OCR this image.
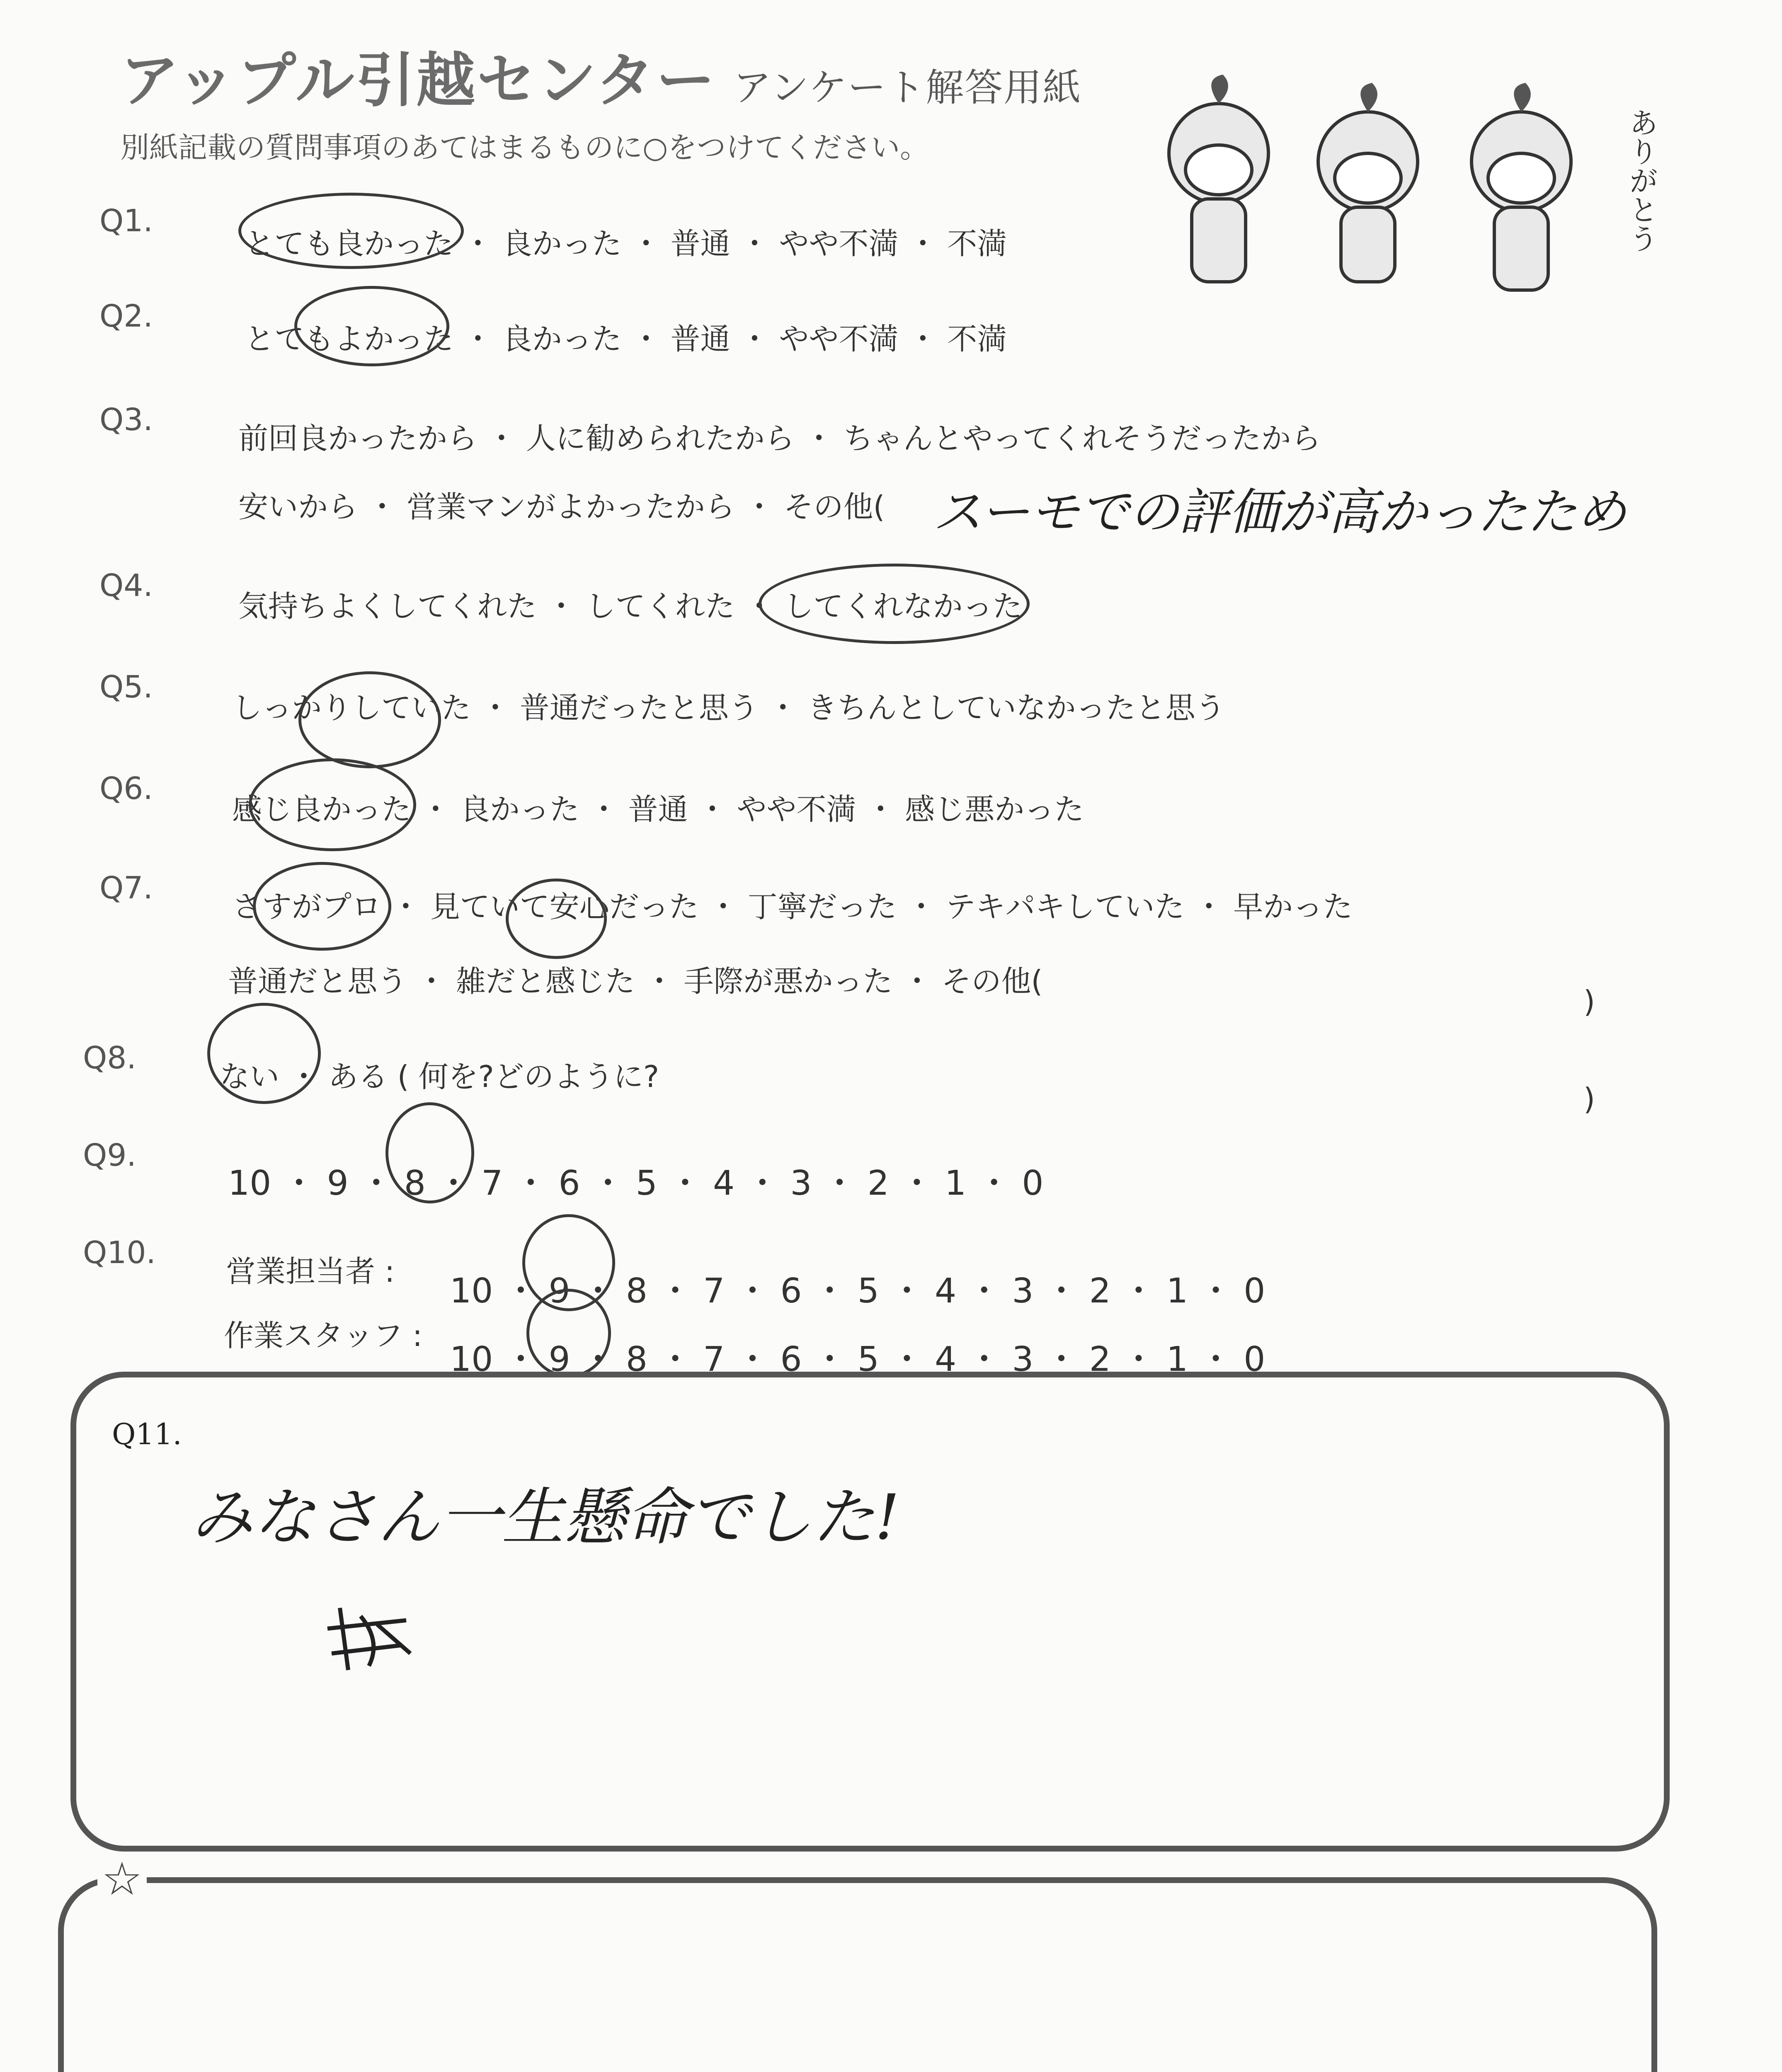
アップル引越センター アンケート解答用紙
別紙記載の質問事項のあてはまるものに○をつけてください。	ありがとう
Q1.
とても良かった ・ 良かった ・ 普通 ・ やや不満 ・ 不満
Q2.
とてもよかった ・ 良かった ・ 普通 ・ やや不満 ・ 不満
Q3.
前回良かったから ・ 人に勧められたから ・ ちゃんとやってくれそうだったから
安いから ・ 営業マンがよかったから ・ その他( スーモでの評価が高かったため
Q4.
気持ちよくしてくれた ・ してくれた ・ してくれなかった
Q5.
しっかりしていた ・ 普通だったと思う ・ きちんとしていなかったと思う
Q6.
感じ良かった ・ 良かった ・ 普通 ・ やや不満 ・ 感じ悪かった
Q7.
さすがプロ ・ 見ていて安心だった ・ 丁寧だった ・ テキパキしていた ・ 早かった
普通だと思う ・ 雑だと感じた ・ 手際が悪かった ・ その他(
)
Q8.
ない ・ ある ( 何を?どのように?
)
Q9.
10 ・ 9 ・ 8 ・ 7 ・ 6 ・ 5 ・ 4 ・ 3 ・ 2 ・ 1 ・ 0
Q10.
営業担当者 : 10 ・ 9 ・ 8 ・ 7 ・ 6 ・ 5 ・ 4 ・ 3 ・ 2 ・ 1 ・ 0
作業スタッフ :
10 ・ 9 ・ 8 ・ 7 ・ 6 ・ 5 ・ 4 ・ 3 ・ 2 ・ 1 ・ 0
Q11.
みなさん一生懸命でした!
☆
